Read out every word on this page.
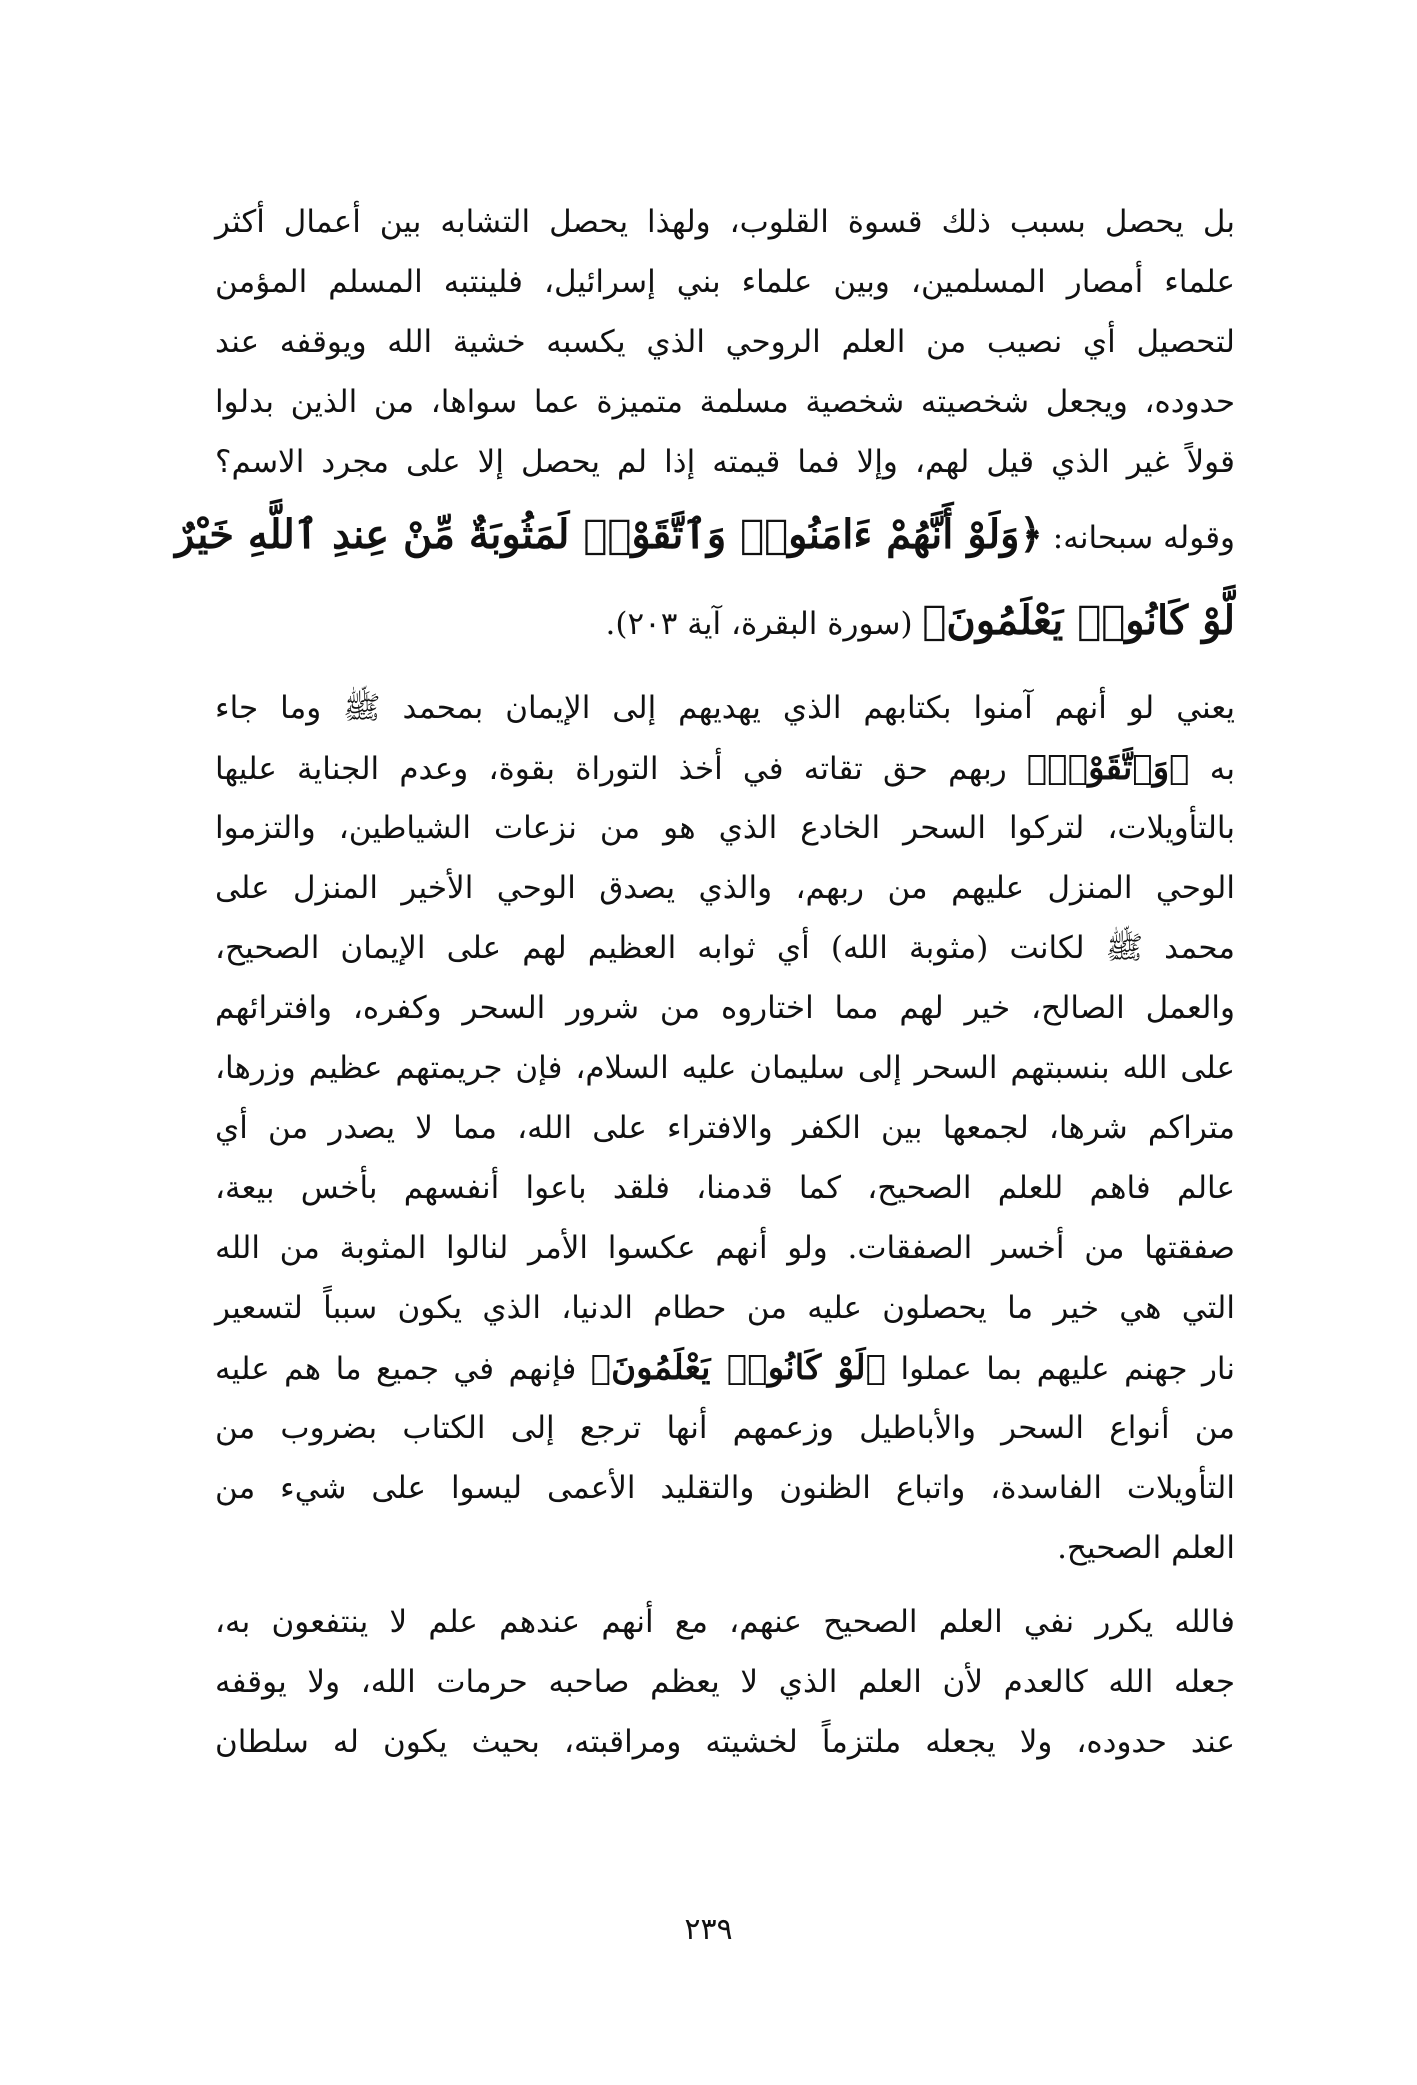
بل يحصل بسبب ذلك قسوة القلوب، ولهذا يحصل التشابه بين أعمال أكثر
علماء أمصار المسلمين، وبين علماء بني إسرائيل، فلينتبه المسلم المؤمن
لتحصيل أي نصيب من العلم الروحي الذي يكسبه خشية الله ويوقفه عند
حدوده، ويجعل شخصيته شخصية مسلمة متميزة عما سواها، من الذين بدلوا
قولاً غير الذي قيل لهم، وإلا فما قيمته إذا لم يحصل إلا على مجرد الاسم؟
وقوله سبحانه: ﴿وَلَوْ أَنَّهُمْ ءَامَنُوا۟ وَٱتَّقَوْا۟ لَمَثُوبَةٌ مِّنْ عِندِ ٱللَّهِ خَيْرٌ
لَّوْ كَانُوا۟ يَعْلَمُونَ﴾ (سورة البقرة، آية ٢٠٣).
يعني لو أنهم آمنوا بكتابهم الذي يهديهم إلى الإيمان بمحمد ﷺ وما جاء
به ﴿وَٱتَّقَوْا۟﴾ ربهم حق تقاته في أخذ التوراة بقوة، وعدم الجناية عليها
بالتأويلات، لتركوا السحر الخادع الذي هو من نزعات الشياطين، والتزموا
الوحي المنزل عليهم من ربهم، والذي يصدق الوحي الأخير المنزل على
محمد ﷺ لكانت (مثوبة الله) أي ثوابه العظيم لهم على الإيمان الصحيح،
والعمل الصالح، خير لهم مما اختاروه من شرور السحر وكفره، وافترائهم
على الله بنسبتهم السحر إلى سليمان عليه السلام، فإن جريمتهم عظيم وزرها،
متراكم شرها، لجمعها بين الكفر والافتراء على الله، مما لا يصدر من أي
عالم فاهم للعلم الصحيح، كما قدمنا، فلقد باعوا أنفسهم بأخس بيعة،
صفقتها من أخسر الصفقات. ولو أنهم عكسوا الأمر لنالوا المثوبة من الله
التي هي خير ما يحصلون عليه من حطام الدنيا، الذي يكون سبباً لتسعير
نار جهنم عليهم بما عملوا ﴿لَوْ كَانُوا۟ يَعْلَمُونَ﴾ فإنهم في جميع ما هم عليه
من أنواع السحر والأباطيل وزعمهم أنها ترجع إلى الكتاب بضروب من
التأويلات الفاسدة، واتباع الظنون والتقليد الأعمى ليسوا على شيء من
العلم الصحيح.
فالله يكرر نفي العلم الصحيح عنهم، مع أنهم عندهم علم لا ينتفعون به،
جعله الله كالعدم لأن العلم الذي لا يعظم صاحبه حرمات الله، ولا يوقفه
عند حدوده، ولا يجعله ملتزماً لخشيته ومراقبته، بحيث يكون له سلطان
٢٣٩
